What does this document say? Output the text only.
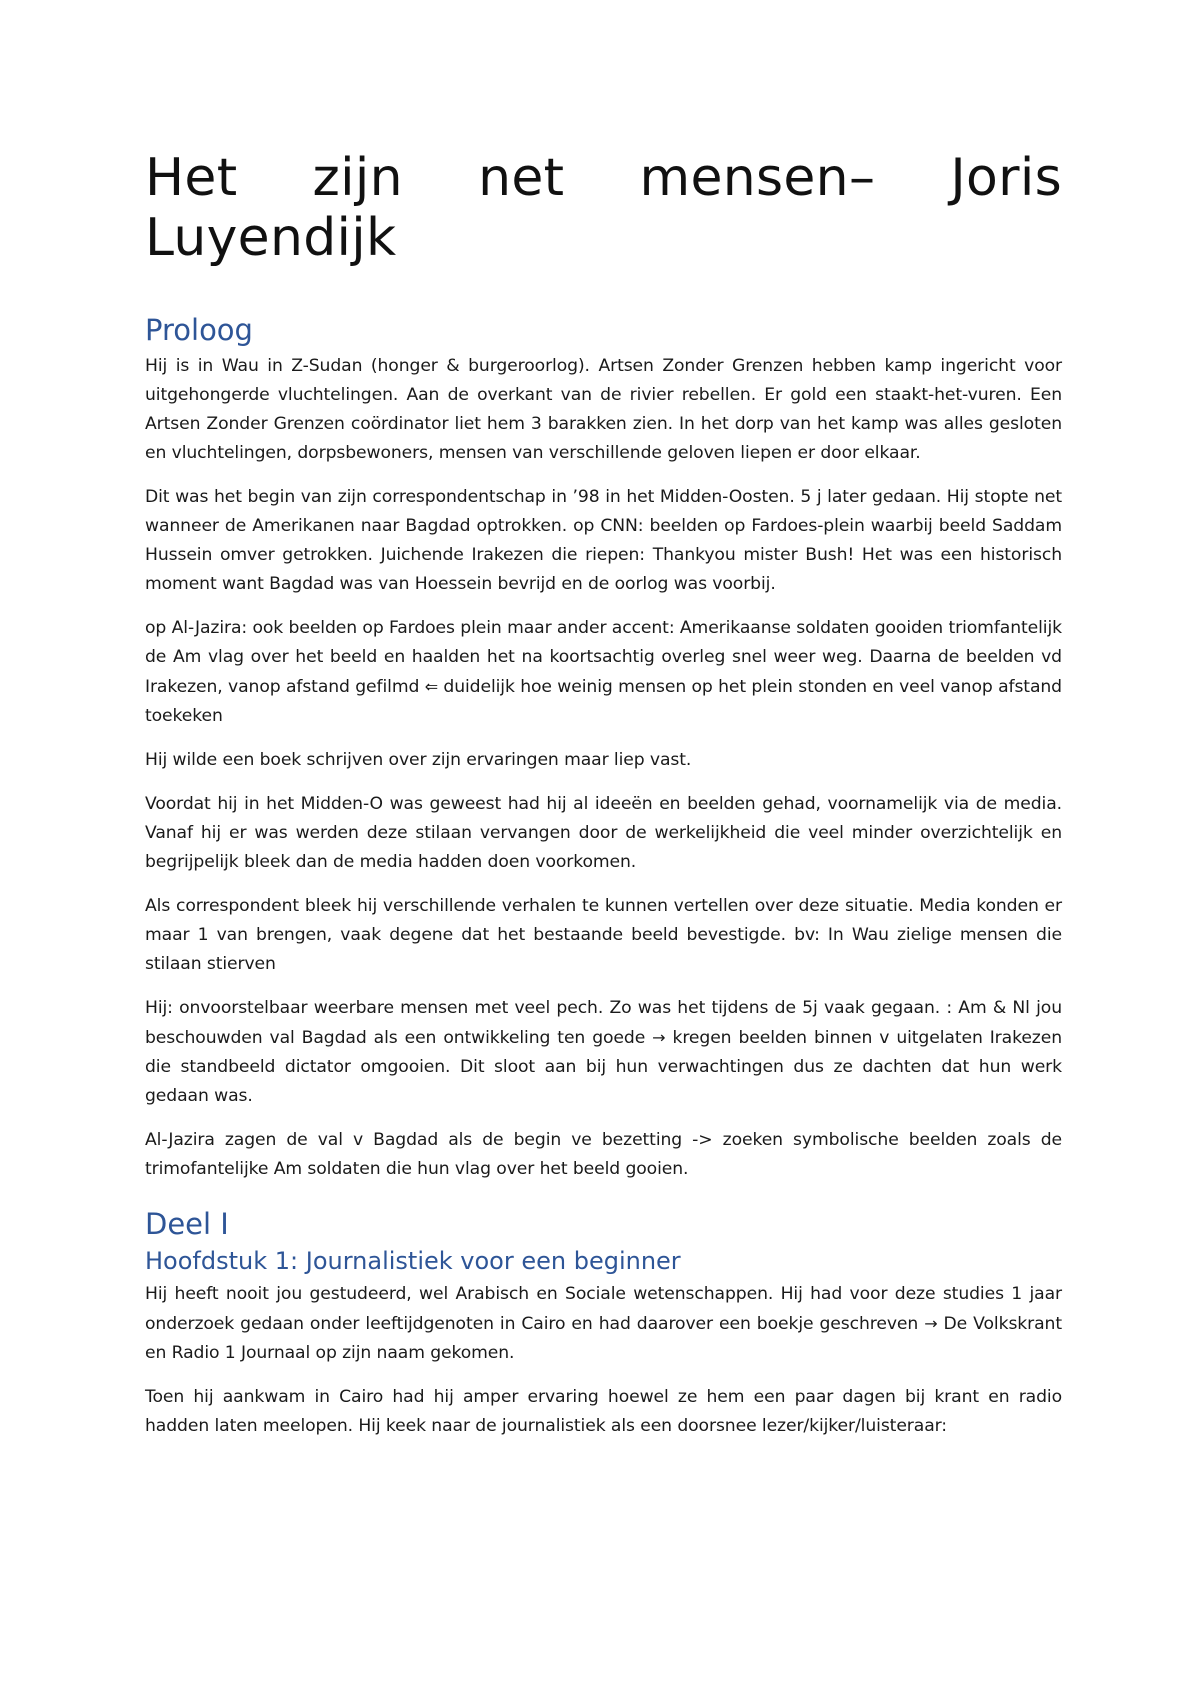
Het zijn net mensen– Joris Luyendijk
Proloog

Hij is in Wau in Z-Sudan (honger & burgeroorlog). Artsen Zonder Grenzen hebben kamp ingericht voor uitgehongerde vluchtelingen. Aan de overkant van de rivier rebellen. Er gold een staakt-het-vuren. Een Artsen Zonder Grenzen coördinator liet hem 3 barakken zien. In het dorp van het kamp was alles gesloten en vluchtelingen, dorpsbewoners, mensen van verschillende geloven liepen er door elkaar.

Dit was het begin van zijn correspondentschap in ’98 in het Midden-Oosten. 5 j later gedaan. Hij stopte net wanneer de Amerikanen naar Bagdad optrokken. op CNN: beelden op Fardoes-plein waarbij beeld Saddam Hussein omver getrokken. Juichende Irakezen die riepen: Thankyou mister Bush! Het was een historisch moment want Bagdad was van Hoessein bevrijd en de oorlog was voorbij.

op Al-Jazira: ook beelden op Fardoes plein maar ander accent: Amerikaanse soldaten gooiden triomfantelijk de Am vlag over het beeld en haalden het na koortsachtig overleg snel weer weg. Daarna de beelden vd Irakezen, vanop afstand gefilmd ⇐ duidelijk hoe weinig mensen op het plein stonden en veel vanop afstand toekeken

Hij wilde een boek schrijven over zijn ervaringen maar liep vast.

Voordat hij in het Midden-O was geweest had hij al ideeën en beelden gehad, voornamelijk via de media. Vanaf hij er was werden deze stilaan vervangen door de werkelijkheid die veel minder overzichtelijk en begrijpelijk bleek dan de media hadden doen voorkomen.

Als correspondent bleek hij verschillende verhalen te kunnen vertellen over deze situatie. Media konden er maar 1 van brengen, vaak degene dat het bestaande beeld bevestigde. bv: In Wau zielige mensen die stilaan stierven

Hij: onvoorstelbaar weerbare mensen met veel pech. Zo was het tijdens de 5j vaak gegaan. : Am & Nl jou beschouwden val Bagdad als een ontwikkeling ten goede → kregen beelden binnen v uitgelaten Irakezen die standbeeld dictator omgooien. Dit sloot aan bij hun verwachtingen dus ze dachten dat hun werk gedaan was.

Al-Jazira zagen de val v Bagdad als de begin ve bezetting -> zoeken symbolische beelden zoals de trimofantelijke Am soldaten die hun vlag over het beeld gooien.

Deel I
Hoofdstuk 1: Journalistiek voor een beginner

Hij heeft nooit jou gestudeerd, wel Arabisch en Sociale wetenschappen. Hij had voor deze studies 1 jaar onderzoek gedaan onder leeftijdgenoten in Cairo en had daarover een boekje geschreven → De Volkskrant en Radio 1 Journaal op zijn naam gekomen.

Toen hij aankwam in Cairo had hij amper ervaring hoewel ze hem een paar dagen bij krant en radio hadden laten meelopen. Hij keek naar de journalistiek als een doorsnee lezer/kijker/luisteraar:
